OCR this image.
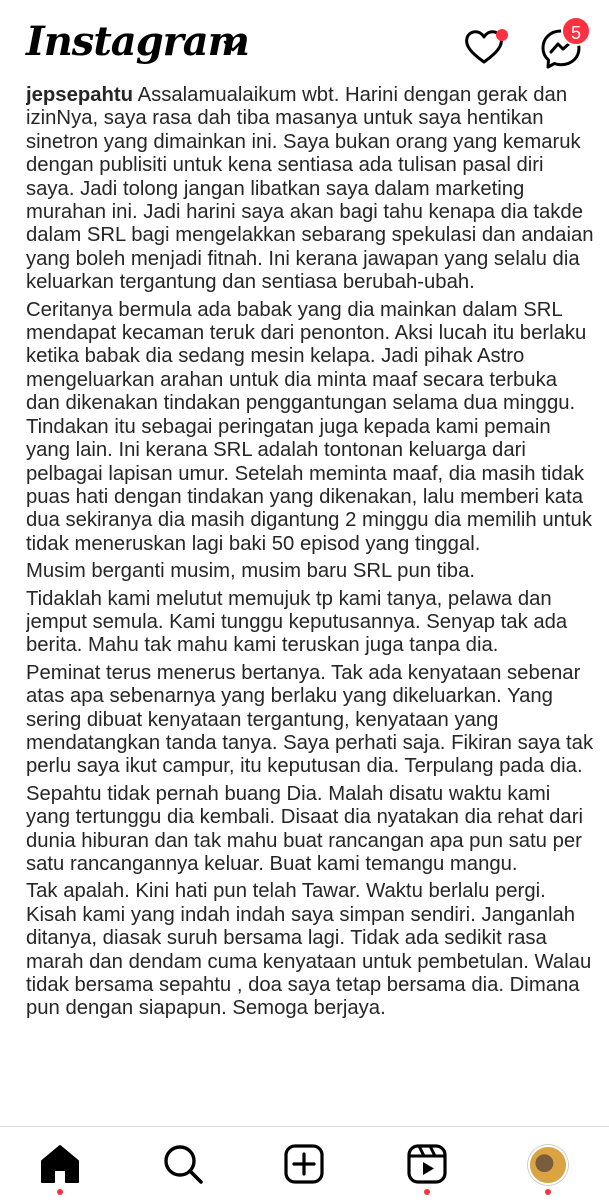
Instagram	5

jepsepahtu Assalamualaikum wbt. Harini dengan gerak dan izinNya, saya rasa dah tiba masanya untuk saya hentikan sinetron yang dimainkan ini. Saya bukan orang yang kemaruk dengan publisiti untuk kena sentiasa ada tulisan pasal diri saya. Jadi tolong jangan libatkan saya dalam marketing murahan ini. Jadi harini saya akan bagi tahu kenapa dia takde dalam SRL bagi mengelakkan sebarang spekulasi dan andaian yang boleh menjadi fitnah. Ini kerana jawapan yang selalu dia keluarkan tergantung dan sentiasa berubah-ubah.

Ceritanya bermula ada babak yang dia mainkan dalam SRL mendapat kecaman teruk dari penonton. Aksi lucah itu berlaku ketika babak dia sedang mesin kelapa. Jadi pihak Astro mengeluarkan arahan untuk dia minta maaf secara terbuka dan dikenakan tindakan penggantungan selama dua minggu. Tindakan itu sebagai peringatan juga kepada kami pemain yang lain. Ini kerana SRL adalah tontonan keluarga dari pelbagai lapisan umur. Setelah meminta maaf, dia masih tidak puas hati dengan tindakan yang dikenakan, lalu memberi kata dua sekiranya dia masih digantung 2 minggu dia memilih untuk tidak meneruskan lagi baki 50 episod yang tinggal.

Musim berganti musim, musim baru SRL pun tiba.

Tidaklah kami melutut memujuk tp kami tanya, pelawa dan jemput semula. Kami tunggu keputusannya. Senyap tak ada berita. Mahu tak mahu kami teruskan juga tanpa dia.

Peminat terus menerus bertanya. Tak ada kenyataan sebenar atas apa sebenarnya yang berlaku yang dikeluarkan. Yang sering dibuat kenyataan tergantung, kenyataan yang mendatangkan tanda tanya. Saya perhati saja. Fikiran saya tak perlu saya ikut campur, itu keputusan dia. Terpulang pada dia.

Sepahtu tidak pernah buang Dia. Malah disatu waktu kami yang tertunggu dia kembali. Disaat dia nyatakan dia rehat dari dunia hiburan dan tak mahu buat rancangan apa pun satu per satu rancangannya keluar. Buat kami temangu mangu.

Tak apalah. Kini hati pun telah Tawar. Waktu berlalu pergi. Kisah kami yang indah indah saya simpan sendiri. Janganlah ditanya, diasak suruh bersama lagi. Tidak ada sedikit rasa marah dan dendam cuma kenyataan untuk pembetulan. Walau tidak bersama sepahtu , doa saya tetap bersama dia. Dimana pun dengan siapapun. Semoga berjaya.
